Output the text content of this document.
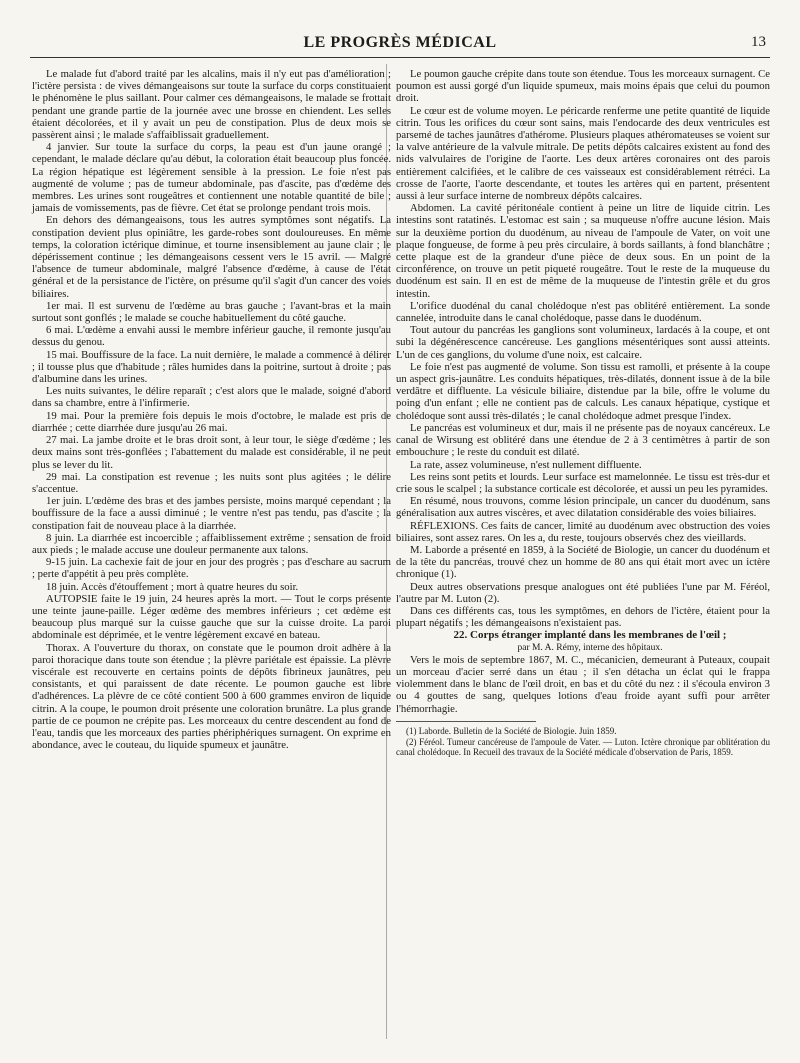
LE PROGRÈS MÉDICAL	13

Le malade fut d'abord traité par les alcalins, mais il n'y eut pas d'amélioration ; l'ictère persista : de vives démangeaisons sur toute la surface du corps constituaient le phénomène le plus saillant. Pour calmer ces démangeaisons, le malade se frottait pendant une grande partie de la journée avec une brosse en chiendent. Les selles étaient décolorées, et il y avait un peu de constipation. Plus de deux mois se passèrent ainsi ; le malade s'affaiblissait graduellement.

4 janvier. Sur toute la surface du corps, la peau est d'un jaune orangé ; cependant, le malade déclare qu'au début, la coloration était beaucoup plus foncée. La région hépatique est légèrement sensible à la pression. Le foie n'est pas augmenté de volume ; pas de tumeur abdominale, pas d'ascite, pas d'œdème des membres. Les urines sont rougeâtres et contiennent une notable quantité de bile ; jamais de vomissements, pas de fièvre. Cet état se prolonge pendant trois mois.

En dehors des démangeaisons, tous les autres symptômes sont négatifs. La constipation devient plus opiniâtre, les garde-robes sont douloureuses. En même temps, la coloration ictérique diminue, et tourne insensiblement au jaune clair ; le dépérissement continue ; les démangeaisons cessent vers le 15 avril. — Malgré l'absence de tumeur abdominale, malgré l'absence d'œdème, à cause de l'état général et de la persistance de l'ictère, on présume qu'il s'agit d'un cancer des voies biliaires.

1er mai. Il est survenu de l'œdème au bras gauche ; l'avant-bras et la main surtout sont gonflés ; le malade se couche habituellement du côté gauche.

6 mai. L'œdème a envahi aussi le membre inférieur gauche, il remonte jusqu'au dessus du genou.

15 mai. Bouffissure de la face. La nuit dernière, le malade a commencé à délirer ; il tousse plus que d'habitude ; râles humides dans la poitrine, surtout à droite ; pas d'albumine dans les urines.

Les nuits suivantes, le délire reparaît ; c'est alors que le malade, soigné d'abord dans sa chambre, entre à l'infirmerie.

19 mai. Pour la première fois depuis le mois d'octobre, le malade est pris de diarrhée ; cette diarrhée dure jusqu'au 26 mai.

27 mai. La jambe droite et le bras droit sont, à leur tour, le siège d'œdème ; les deux mains sont très-gonflées ; l'abattement du malade est considérable, il ne peut plus se lever du lit.

29 mai. La constipation est revenue ; les nuits sont plus agitées ; le délire s'accentue.

1er juin. L'œdème des bras et des jambes persiste, moins marqué cependant ; la bouffissure de la face a aussi diminué ; le ventre n'est pas tendu, pas d'ascite ; la constipation fait de nouveau place à la diarrhée.

8 juin. La diarrhée est incoercible ; affaiblissement extrême ; sensation de froid aux pieds ; le malade accuse une douleur permanente aux talons.

9-15 juin. La cachexie fait de jour en jour des progrès ; pas d'eschare au sacrum ; perte d'appétit à peu près complète.

18 juin. Accès d'étouffement ; mort à quatre heures du soir.

AUTOPSIE faite le 19 juin, 24 heures après la mort. — Tout le corps présente une teinte jaune-paille. Léger œdème des membres inférieurs ; cet œdème est beaucoup plus marqué sur la cuisse gauche que sur la cuisse droite. La paroi abdominale est déprimée, et le ventre légèrement excavé en bateau.

Thorax. A l'ouverture du thorax, on constate que le poumon droit adhère à la paroi thoracique dans toute son étendue ; la plèvre pariétale est épaissie. La plèvre viscérale est recouverte en certains points de dépôts fibrineux jaunâtres, peu consistants, et qui paraissent de date récente. Le poumon gauche est libre d'adhérences. La plèvre de ce côté contient 500 à 600 grammes environ de liquide citrin. A la coupe, le poumon droit présente une coloration brunâtre. La plus grande partie de ce poumon ne crépite pas. Les morceaux du centre descendent au fond de l'eau, tandis que les morceaux des parties phériphériques surnagent. On exprime en abondance, avec le couteau, du liquide spumeux et jaunâtre.

Le poumon gauche crépite dans toute son étendue. Tous les morceaux surnagent. Ce poumon est aussi gorgé d'un liquide spumeux, mais moins épais que celui du poumon droit.

Le cœur est de volume moyen. Le péricarde renferme une petite quantité de liquide citrin. Tous les orifices du cœur sont sains, mais l'endocarde des deux ventricules est parsemé de taches jaunâtres d'athérome. Plusieurs plaques athéromateuses se voient sur la valve antérieure de la valvule mitrale. De petits dépôts calcaires existent au fond des nids valvulaires de l'origine de l'aorte. Les deux artères coronaires ont des parois entièrement calcifiées, et le calibre de ces vaisseaux est considérablement rétréci. La crosse de l'aorte, l'aorte descendante, et toutes les artères qui en partent, présentent aussi à leur surface interne de nombreux dépôts calcaires.

Abdomen. La cavité péritonéale contient à peine un litre de liquide citrin. Les intestins sont ratatinés. L'estomac est sain ; sa muqueuse n'offre aucune lésion. Mais sur la deuxième portion du duodénum, au niveau de l'ampoule de Vater, on voit une plaque fongueuse, de forme à peu près circulaire, à bords saillants, à fond blanchâtre ; cette plaque est de la grandeur d'une pièce de deux sous. En un point de la circonférence, on trouve un petit piqueté rougeâtre. Tout le reste de la muqueuse du duodénum est sain. Il en est de même de la muqueuse de l'intestin grêle et du gros intestin.

L'orifice duodénal du canal cholédoque n'est pas oblitéré entièrement. La sonde cannelée, introduite dans le canal cholédoque, passe dans le duodénum.

Tout autour du pancréas les ganglions sont volumineux, lardacés à la coupe, et ont subi la dégénérescence cancéreuse. Les ganglions mésentériques sont aussi atteints. L'un de ces ganglions, du volume d'une noix, est calcaire.

Le foie n'est pas augmenté de volume. Son tissu est ramolli, et présente à la coupe un aspect gris-jaunâtre. Les conduits hépatiques, très-dilatés, donnent issue à de la bile verdâtre et diffluente. La vésicule biliaire, distendue par la bile, offre le volume du poing d'un enfant ; elle ne contient pas de calculs. Les canaux hépatique, cystique et cholédoque sont aussi très-dilatés ; le canal cholédoque admet presque l'index.

Le pancréas est volumineux et dur, mais il ne présente pas de noyaux cancéreux. Le canal de Wirsung est oblitéré dans une étendue de 2 à 3 centimètres à partir de son embouchure ; le reste du conduit est dilaté.

La rate, assez volumineuse, n'est nullement diffluente.

Les reins sont petits et lourds. Leur surface est mamelonnée. Le tissu est très-dur et crie sous le scalpel ; la substance corticale est décolorée, et aussi un peu les pyramides.

En résumé, nous trouvons, comme lésion principale, un cancer du duodénum, sans généralisation aux autres viscères, et avec dilatation considérable des voies biliaires.

RÉFLEXIONS. Ces faits de cancer, limité au duodénum avec obstruction des voies biliaires, sont assez rares. On les a, du reste, toujours observés chez des vieillards.

M. Laborde a présenté en 1859, à la Société de Biologie, un cancer du duodénum et de la tête du pancréas, trouvé chez un homme de 80 ans qui était mort avec un ictère chronique (1).

Deux autres observations presque analogues ont été publiées l'une par M. Féréol, l'autre par M. Luton (2).

Dans ces différents cas, tous les symptômes, en dehors de l'ictère, étaient pour la plupart négatifs ; les démangeaisons n'existaient pas.

22. Corps étranger implanté dans les membranes de l'œil ;

par M. A. Rémy, interne des hôpitaux.

Vers le mois de septembre 1867, M. C., mécanicien, demeurant à Puteaux, coupait un morceau d'acier serré dans un étau ; il s'en détacha un éclat qui le frappa violemment dans le blanc de l'œil droit, en bas et du côté du nez : il s'écoula environ 3 ou 4 gouttes de sang, quelques lotions d'eau froide ayant suffi pour arrêter l'hémorrhagie.

(1) Laborde. Bulletin de la Société de Biologie. Juin 1859.

(2) Féréol. Tumeur cancéreuse de l'ampoule de Vater. — Luton. Ictère chronique par oblitération du canal cholédoque. In Recueil des travaux de la Société médicale d'observation de Paris, 1859.
